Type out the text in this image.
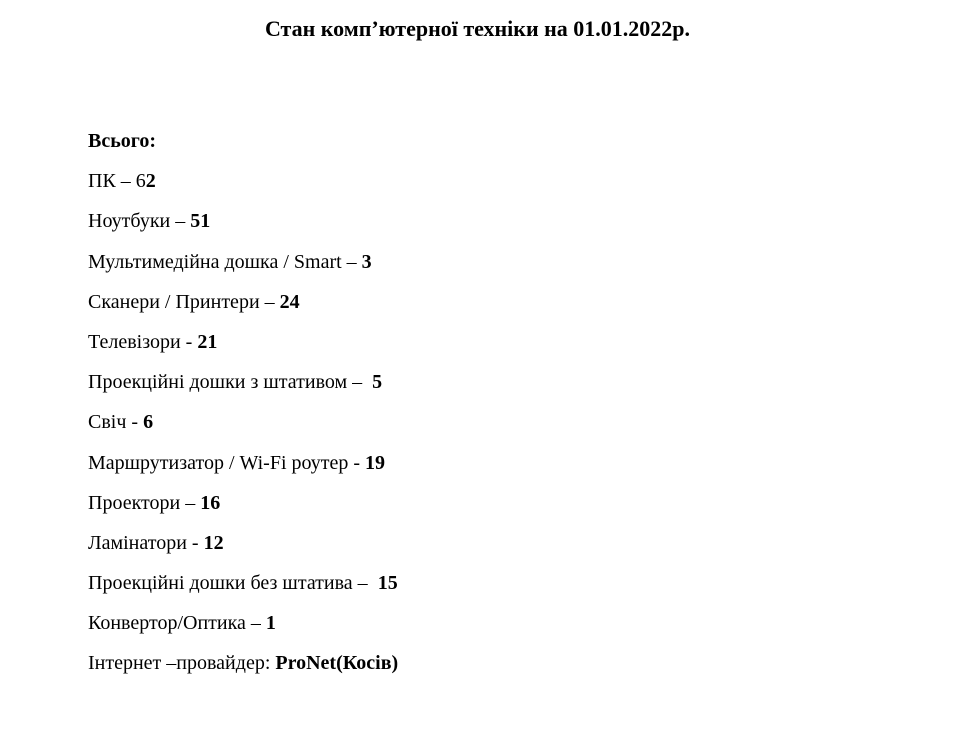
Стан комп’ютерної техніки на 01.01.2022р.
Всього:
ПК – 62
Ноутбуки – 51
Мультимедійна дошка / Smart – 3
Сканери / Принтери – 24
Телевізори - 21
Проекційні дошки з штативом –  5
Свіч - 6
Маршрутизатор / Wi-Fi роутер - 19
Проектори – 16
Ламінатори - 12
Проекційні дошки без штатива –  15
Конвертор/Оптика – 1
Інтернет –провайдер: ProNet(Косів)
